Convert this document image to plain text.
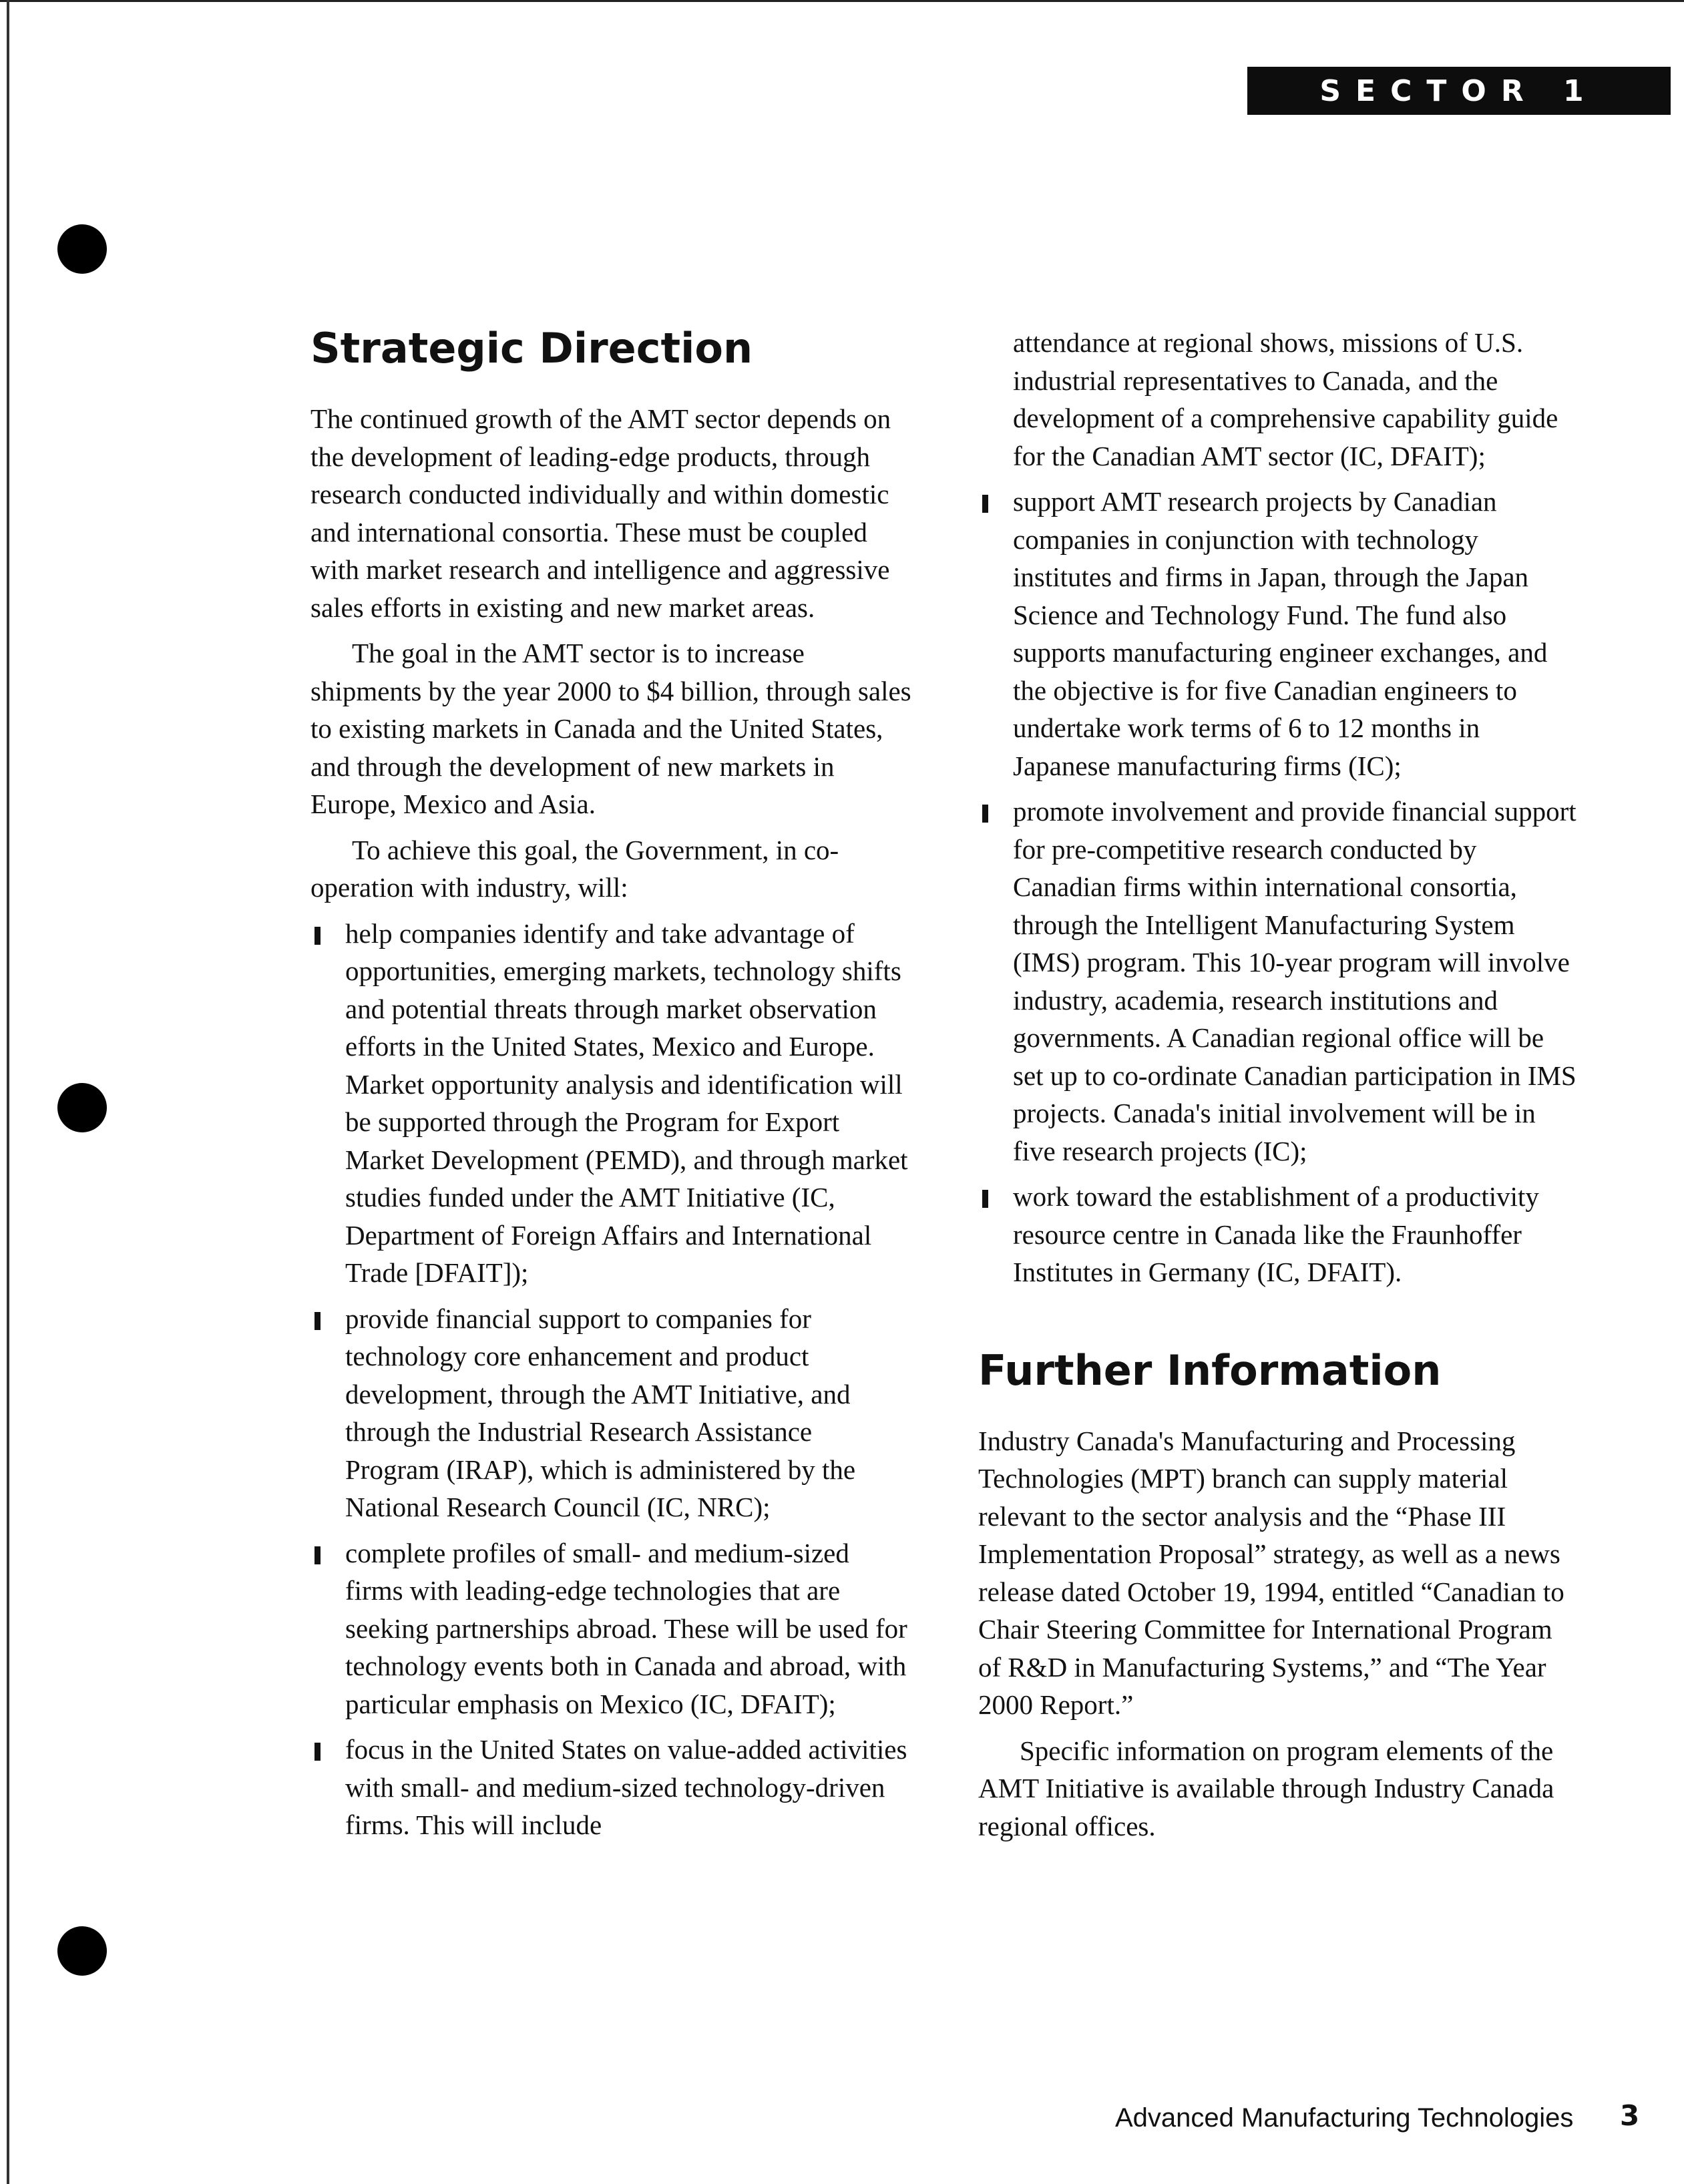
SECTOR 1
Strategic Direction

The continued growth of the AMT sector depends on the development of leading-edge products, through research conducted individually and within domestic and international consortia. These must be coupled with market research and intelligence and aggressive sales efforts in existing and new market areas.

The goal in the AMT sector is to increase shipments by the year 2000 to $4 billion, through sales to existing markets in Canada and the United States, and through the development of new markets in Europe, Mexico and Asia.

To achieve this goal, the Government, in co-operation with industry, will:

help companies identify and take advantage of opportunities, emerging markets, technology shifts and potential threats through market observation efforts in the United States, Mexico and Europe. Market opportunity analysis and identification will be supported through the Program for Export Market Development (PEMD), and through market studies funded under the AMT Initiative (IC, Department of Foreign Affairs and International Trade [DFAIT]);
provide financial support to companies for technology core enhancement and product development, through the AMT Initiative, and through the Industrial Research Assistance Program (IRAP), which is administered by the National Research Council (IC, NRC);
complete profiles of small- and medium-sized firms with leading-edge technologies that are seeking partnerships abroad. These will be used for technology events both in Canada and abroad, with particular emphasis on Mexico (IC, DFAIT);
focus in the United States on value-added activities with small- and medium-sized technology-driven firms. This will include
attendance at regional shows, missions of U.S. industrial representatives to Canada, and the development of a comprehensive capability guide for the Canadian AMT sector (IC, DFAIT);
support AMT research projects by Canadian companies in conjunction with technology institutes and firms in Japan, through the Japan Science and Technology Fund. The fund also supports manufacturing engineer exchanges, and the objective is for five Canadian engineers to undertake work terms of 6 to 12 months in Japanese manufacturing firms (IC);
promote involvement and provide financial support for pre-competitive research conducted by Canadian firms within international consortia, through the Intelligent Manufacturing System (IMS) program. This 10-year program will involve industry, academia, research institutions and governments. A Canadian regional office will be set up to co-ordinate Canadian participation in IMS projects. Canada's initial involvement will be in five research projects (IC);
work toward the establishment of a productivity resource centre in Canada like the Fraunhoffer Institutes in Germany (IC, DFAIT).
Further Information

Industry Canada's Manufacturing and Processing Technologies (MPT) branch can supply material relevant to the sector analysis and the “Phase III Implementation Proposal” strategy, as well as a news release dated October 19, 1994, entitled “Canadian to Chair Steering Committee for International Program of R&D in Manufacturing Systems,” and “The Year 2000 Report.”

Specific information on program elements of the AMT Initiative is available through Industry Canada regional offices.

Advanced Manufacturing Technologies 3
